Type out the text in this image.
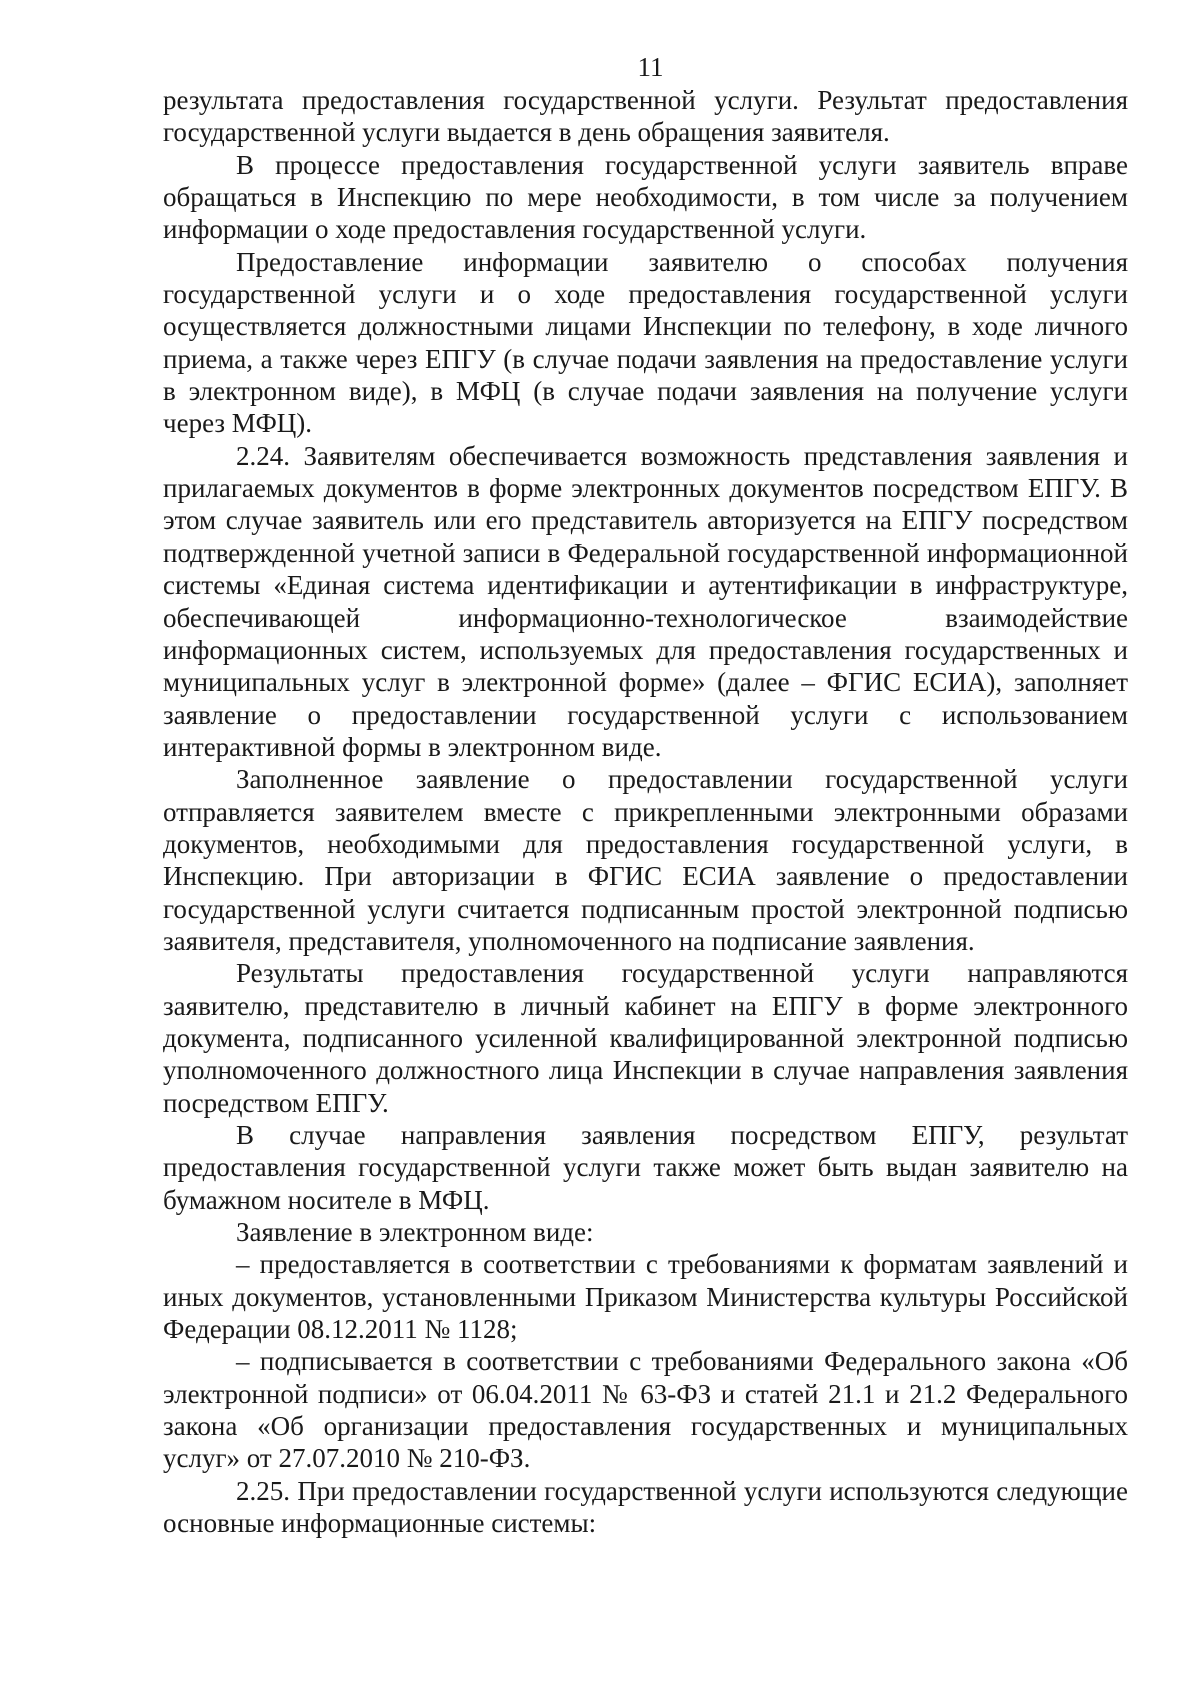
11

результата предоставления государственной услуги. Результат предоставления государственной услуги выдается в день обращения заявителя.

В процессе предоставления государственной услуги заявитель вправе обращаться в Инспекцию по мере необходимости, в том числе за получением информации о ходе предоставления государственной услуги.

Предоставление информации заявителю о способах получения государственной услуги и о ходе предоставления государственной услуги осуществляется должностными лицами Инспекции по телефону, в ходе личного приема, а также через ЕПГУ (в случае подачи заявления на предоставление услуги в электронном виде), в МФЦ (в случае подачи заявления на получение услуги через МФЦ).

2.24. Заявителям обеспечивается возможность представления заявления и прилагаемых документов в форме электронных документов посредством ЕПГУ. В этом случае заявитель или его представитель авторизуется на ЕПГУ посредством подтвержденной учетной записи в Федеральной государственной информационной системы «Единая система идентификации и аутентификации в инфраструктуре, обеспечивающей информационно-технологическое взаимодействие информационных систем, используемых для предоставления государственных и муниципальных услуг в электронной форме» (далее – ФГИС ЕСИА), заполняет заявление о предоставлении государственной услуги с использованием интерактивной формы в электронном виде.

Заполненное заявление о предоставлении государственной услуги отправляется заявителем вместе с прикрепленными электронными образами документов, необходимыми для предоставления государственной услуги, в Инспекцию. При авторизации в ФГИС ЕСИА заявление о предоставлении государственной услуги считается подписанным простой электронной подписью заявителя, представителя, уполномоченного на подписание заявления.

Результаты предоставления государственной услуги направляются заявителю, представителю в личный кабинет на ЕПГУ в форме электронного документа, подписанного усиленной квалифицированной электронной подписью уполномоченного должностного лица Инспекции в случае направления заявления посредством ЕПГУ.

В случае направления заявления посредством ЕПГУ, результат предоставления государственной услуги также может быть выдан заявителю на бумажном носителе в МФЦ.

Заявление в электронном виде:

– предоставляется в соответствии с требованиями к форматам заявлений и иных документов, установленными Приказом Министерства культуры Российской Федерации 08.12.2011 № 1128;

– подписывается в соответствии с требованиями Федерального закона «Об электронной подписи» от 06.04.2011 № 63-ФЗ и статей 21.1 и 21.2 Федерального закона «Об организации предоставления государственных и муниципальных услуг» от 27.07.2010 № 210-ФЗ.

2.25. При предоставлении государственной услуги используются следующие основные информационные системы:
